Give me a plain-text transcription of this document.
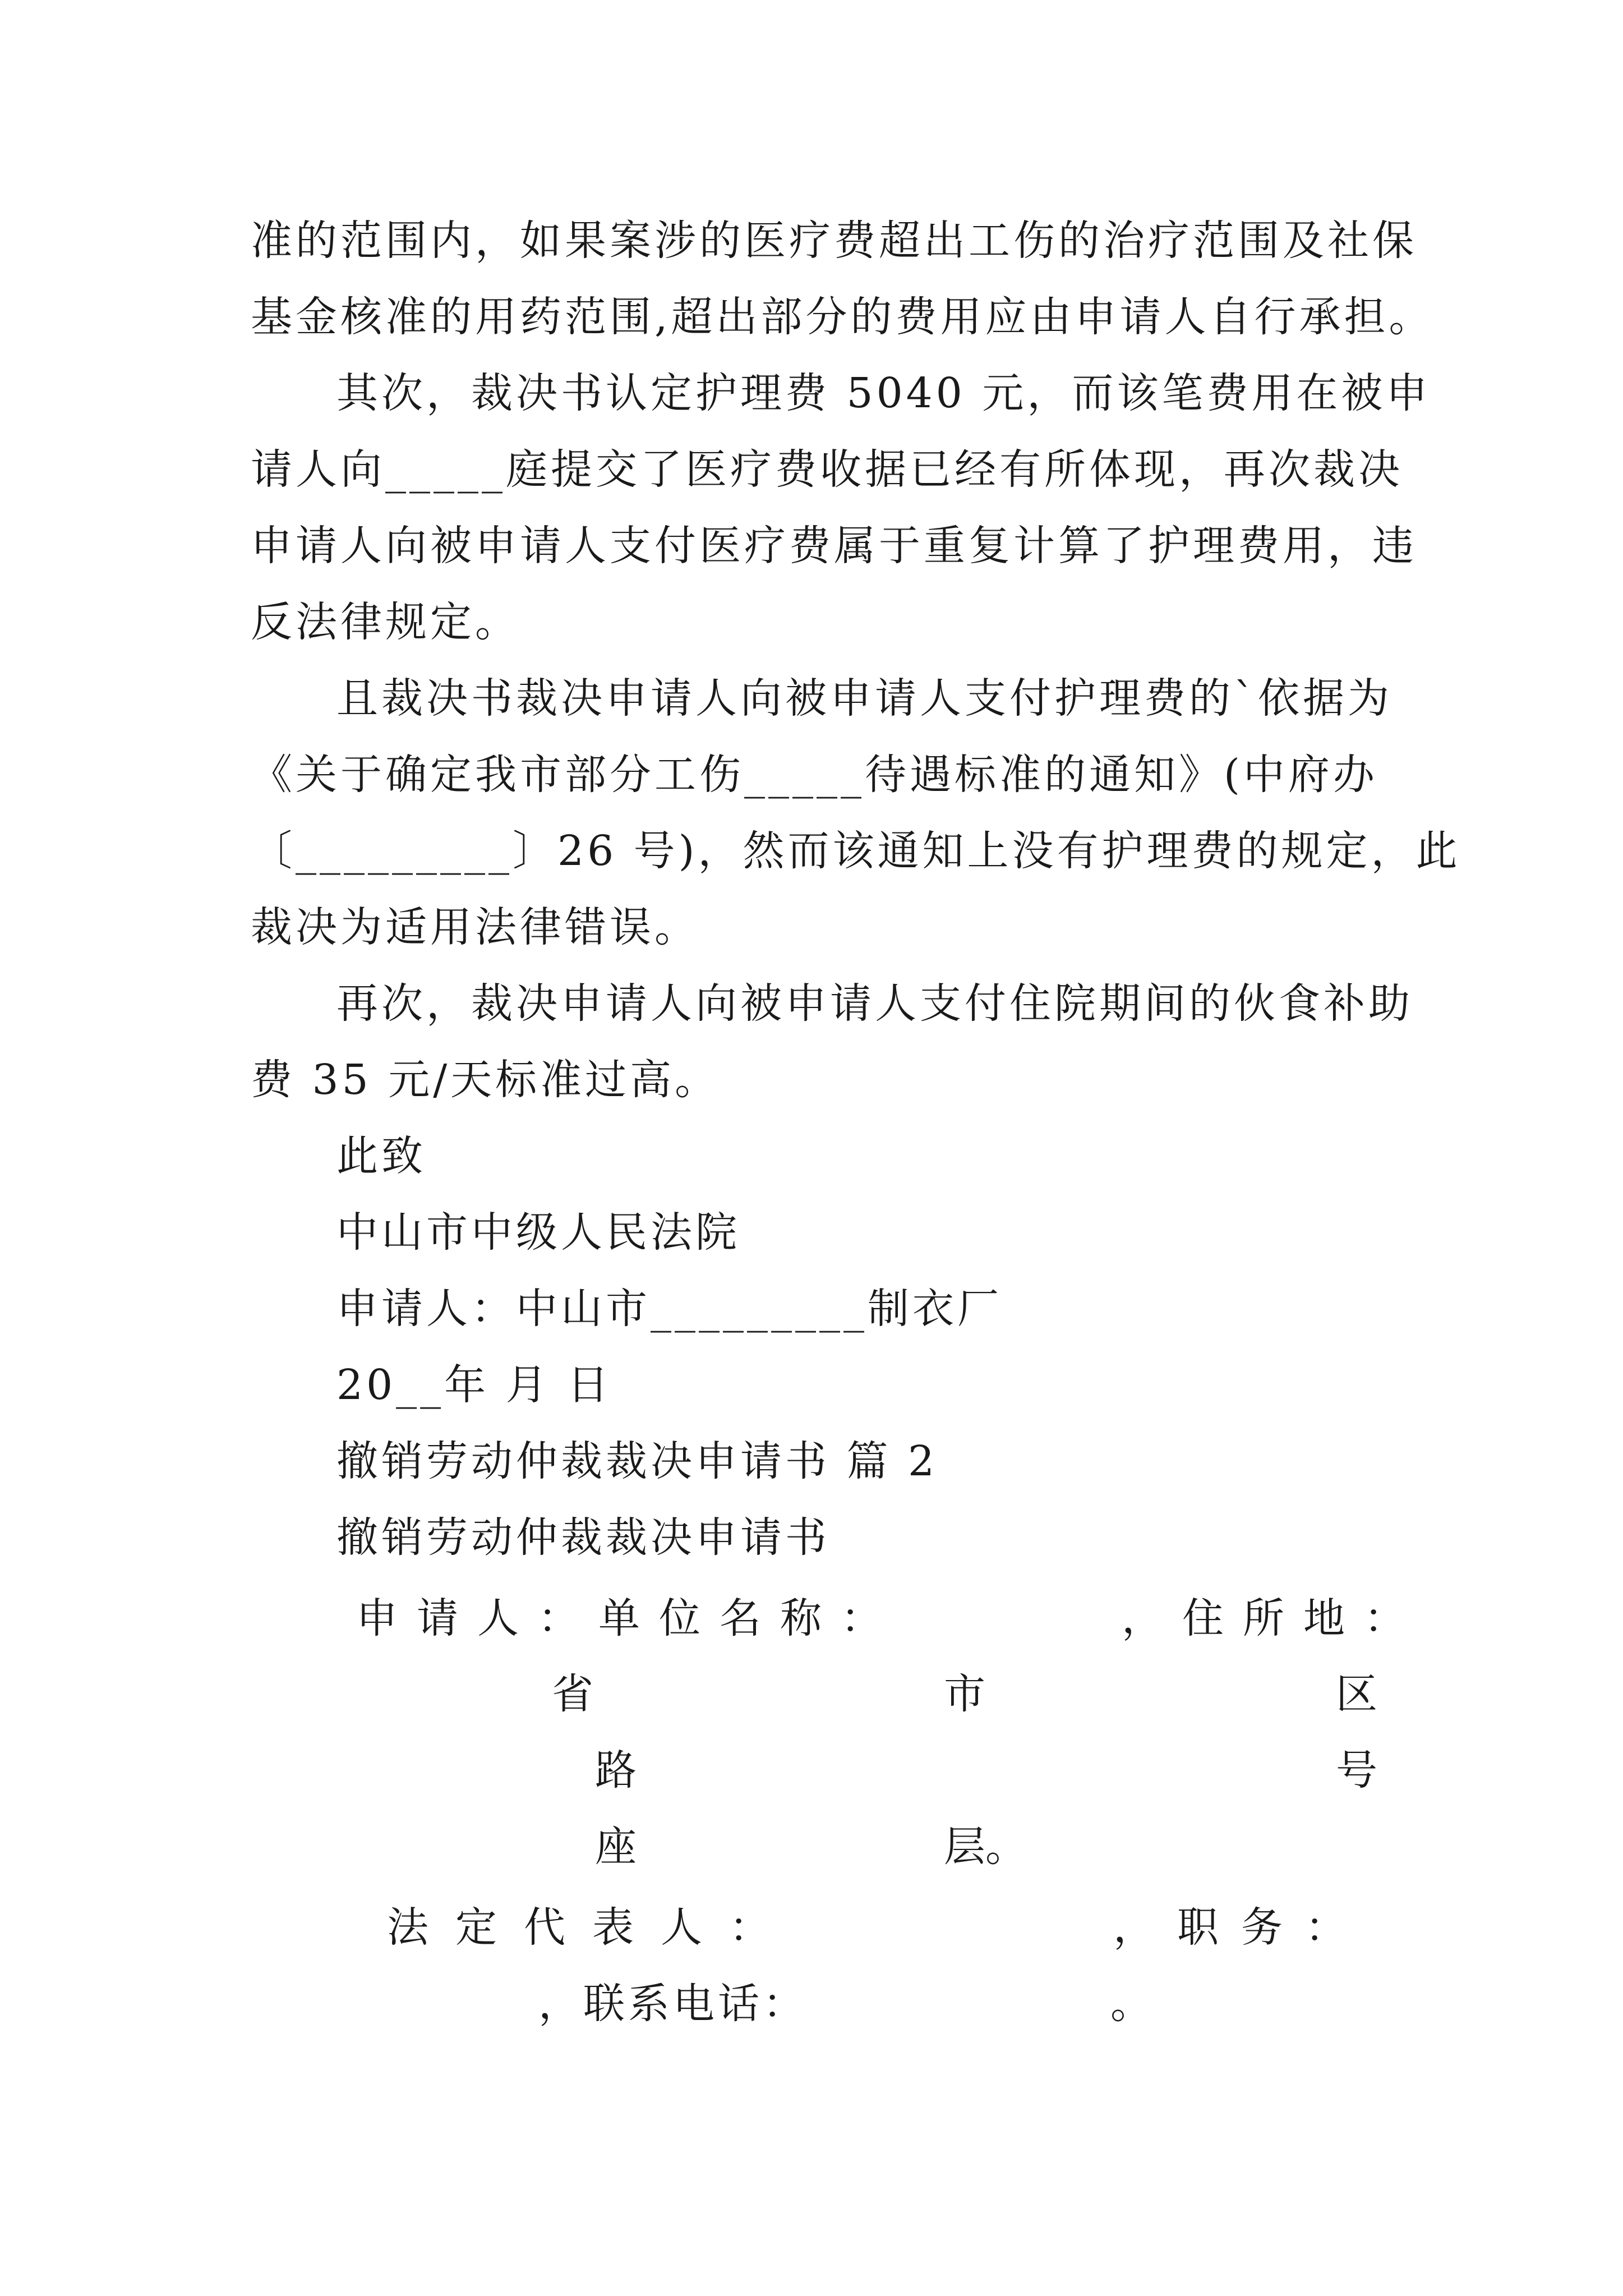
准的范围内，如果案涉的医疗费超出工伤的治疗范围及社保
基金核准的用药范围,超出部分的费用应由申请人自行承担。
其次，裁决书认定护理费 5040 元，而该笔费用在被申
请人向_____庭提交了医疗费收据已经有所体现，再次裁决
申请人向被申请人支付医疗费属于重复计算了护理费用，违
反法律规定。
且裁决书裁决申请人向被申请人支付护理费的`依据为
《关于确定我市部分工伤_____待遇标准的通知》(中府办
〔_________〕26 号)，然而该通知上没有护理费的规定，此
裁决为适用法律错误。
再次，裁决申请人向被申请人支付住院期间的伙食补助
费 35 元/天标准过高。
此致
中山市中级人民法院
申请人：中山市_________制衣厂
20__年 月 日
撤销劳动仲裁裁决申请书 篇 2
撤销劳动仲裁裁决申请书
申请人：单位名称：	，住所地：
省	市	区
路	号
座	层。
法定代表人：	，职务：
，联系电话：	。
